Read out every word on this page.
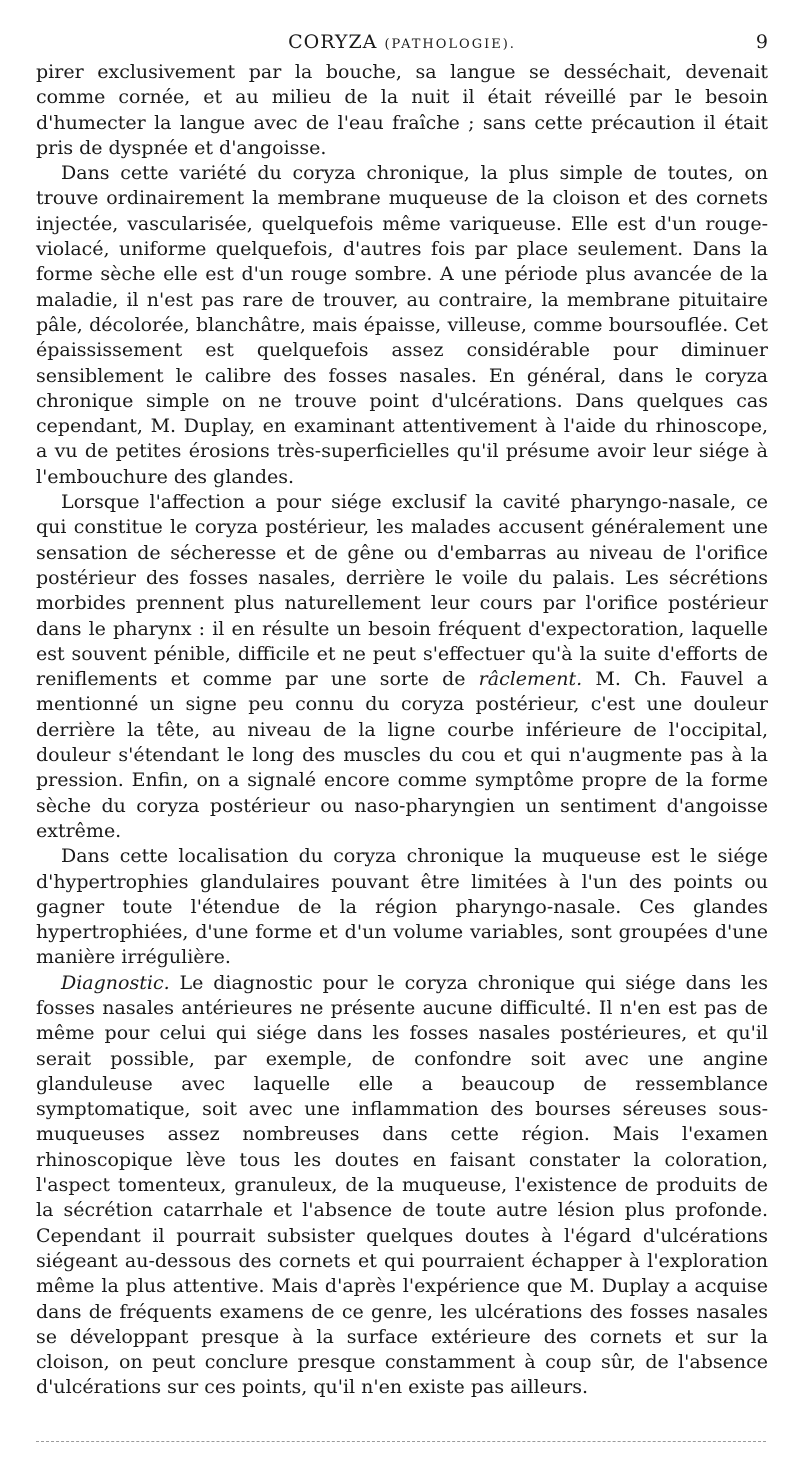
CORYZA (PATHOLOGIE).	9

pirer exclusivement par la bouche, sa langue se desséchait, devenait comme cornée, et au milieu de la nuit il était réveillé par le besoin d'humecter la langue avec de l'eau fraîche ; sans cette précaution il était pris de dyspnée et d'angoisse.

Dans cette variété du coryza chronique, la plus simple de toutes, on trouve ordinairement la membrane muqueuse de la cloison et des cornets injectée, vascularisée, quelquefois même variqueuse. Elle est d'un rouge-violacé, uniforme quelquefois, d'autres fois par place seulement. Dans la forme sèche elle est d'un rouge sombre. A une période plus avancée de la maladie, il n'est pas rare de trouver, au contraire, la membrane pituitaire pâle, décolorée, blanchâtre, mais épaisse, villeuse, comme boursouflée. Cet épaississement est quelquefois assez considérable pour diminuer sensiblement le calibre des fosses nasales. En général, dans le coryza chronique simple on ne trouve point d'ulcérations. Dans quelques cas cependant, M. Duplay, en examinant attentivement à l'aide du rhinoscope, a vu de petites érosions très-superficielles qu'il présume avoir leur siége à l'embouchure des glandes.

Lorsque l'affection a pour siége exclusif la cavité pharyngo-nasale, ce qui constitue le coryza postérieur, les malades accusent généralement une sensation de sécheresse et de gêne ou d'embarras au niveau de l'orifice postérieur des fosses nasales, derrière le voile du palais. Les sécrétions morbides prennent plus naturellement leur cours par l'orifice postérieur dans le pharynx : il en résulte un besoin fréquent d'expectoration, laquelle est souvent pénible, difficile et ne peut s'effectuer qu'à la suite d'efforts de reniflements et comme par une sorte de râclement. M. Ch. Fauvel a mentionné un signe peu connu du coryza postérieur, c'est une douleur derrière la tête, au niveau de la ligne courbe inférieure de l'occipital, douleur s'étendant le long des muscles du cou et qui n'augmente pas à la pression. Enfin, on a signalé encore comme symptôme propre de la forme sèche du coryza postérieur ou naso-pharyngien un sentiment d'angoisse extrême.

Dans cette localisation du coryza chronique la muqueuse est le siége d'hypertrophies glandulaires pouvant être limitées à l'un des points ou gagner toute l'étendue de la région pharyngo-nasale. Ces glandes hypertrophiées, d'une forme et d'un volume variables, sont groupées d'une manière irrégulière.

Diagnostic. Le diagnostic pour le coryza chronique qui siége dans les fosses nasales antérieures ne présente aucune difficulté. Il n'en est pas de même pour celui qui siége dans les fosses nasales postérieures, et qu'il serait possible, par exemple, de confondre soit avec une angine glanduleuse avec laquelle elle a beaucoup de ressemblance symptomatique, soit avec une inflammation des bourses séreuses sous-muqueuses assez nombreuses dans cette région. Mais l'examen rhinoscopique lève tous les doutes en faisant constater la coloration, l'aspect tomenteux, granuleux, de la muqueuse, l'existence de produits de la sécrétion catarrhale et l'absence de toute autre lésion plus profonde. Cependant il pourrait subsister quelques doutes à l'égard d'ulcérations siégeant au-dessous des cornets et qui pourraient échapper à l'exploration même la plus attentive. Mais d'après l'expérience que M. Duplay a acquise dans de fréquents examens de ce genre, les ulcérations des fosses nasales se développant presque à la surface extérieure des cornets et sur la cloison, on peut conclure presque constamment à coup sûr, de l'absence d'ulcérations sur ces points, qu'il n'en existe pas ailleurs.
